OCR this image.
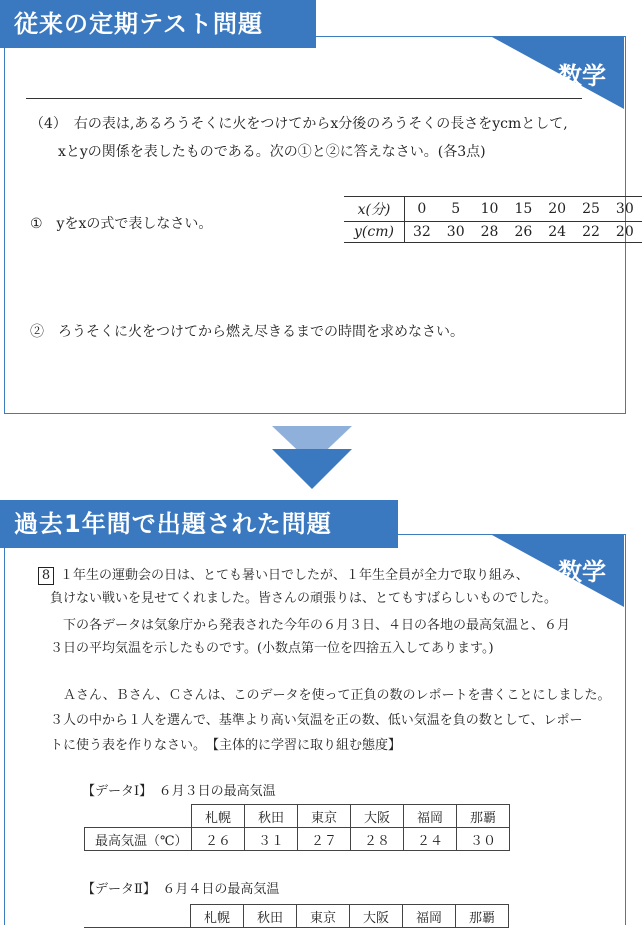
従来の定期テスト問題
数学
（4）　右の表は,あるろうそくに火をつけてからx分後のろうそくの長さをycmとして,
xとyの関係を表したものである。次の①と②に答えなさい。(各3点)
①　yをxの式で表しなさい。
x(分)	0	5	10	15	20	25	30
y(cm)	32	30	28	26	24	22	20
②　ろうそくに火をつけてから燃え尽きるまでの時間を求めなさい。
過去1年間で出題された問題
数学
8 １年生の運動会の日は、とても暑い日でしたが、１年生全員が全力で取り組み、
負けない戦いを見せてくれました。皆さんの頑張りは、とてもすばらしいものでした。
　下の各データは気象庁から発表された今年の６月３日、４日の各地の最高気温と、６月
３日の平均気温を示したものです。(小数点第一位を四捨五入してあります。)
　Ａさん、Ｂさん、Ｃさんは、このデータを使って正負の数のレポートを書くことにしました。
３人の中から１人を選んで、基準より高い気温を正の数、低い気温を負の数として、レポー
トに使う表を作りなさい。　【主体的に学習に取り組む態度】
【データⅠ】　６月３日の最高気温
	札幌	秋田	東京	大阪	福岡	那覇
最高気温（℃）	２６	３１	２７	２８	２４	３０
【データⅡ】　６月４日の最高気温
	札幌	秋田	東京	大阪	福岡	那覇
